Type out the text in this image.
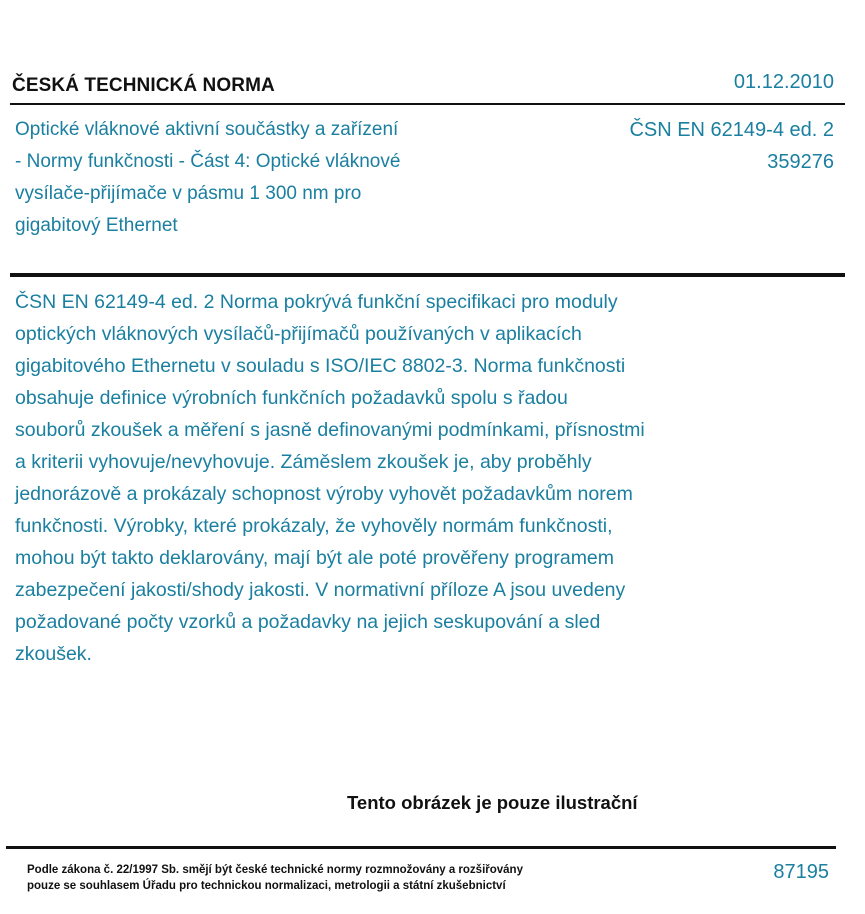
ČESKÁ TECHNICKÁ NORMA	01.12.2010
Optické vláknové aktivní součástky a zařízení
- Normy funkčnosti - Část 4: Optické vláknové
vysílače-přijímače v pásmu 1 300 nm pro
gigabitový Ethernet
ČSN EN 62149-4 ed. 2
359276
ČSN EN 62149-4 ed. 2 Norma pokrývá funkční specifikaci pro moduly
optických vláknových vysílačů-přijímačů používaných v aplikacích
gigabitového Ethernetu v souladu s ISO/IEC 8802-3. Norma funkčnosti
obsahuje definice výrobních funkčních požadavků spolu s řadou
souborů zkoušek a měření s jasně definovanými podmínkami, přísnostmi
a kriterii vyhovuje/nevyhovuje. Záměslem zkoušek je, aby proběhly
jednorázově a prokázaly schopnost výroby vyhovět požadavkům norem
funkčnosti. Výrobky, které prokázaly, že vyhověly normám funkčnosti,
mohou být takto deklarovány, mají být ale poté prověřeny programem
zabezpečení jakosti/shody jakosti. V normativní příloze A jsou uvedeny
požadované počty vzorků a požadavky na jejich seskupování a sled
zkoušek.
Tento obrázek je pouze ilustrační
Podle zákona č. 22/1997 Sb. smějí být české technické normy rozmnožovány a rozšiřovány
pouze se souhlasem Úřadu pro technickou normalizaci, metrologii a státní zkušebnictví
87195
